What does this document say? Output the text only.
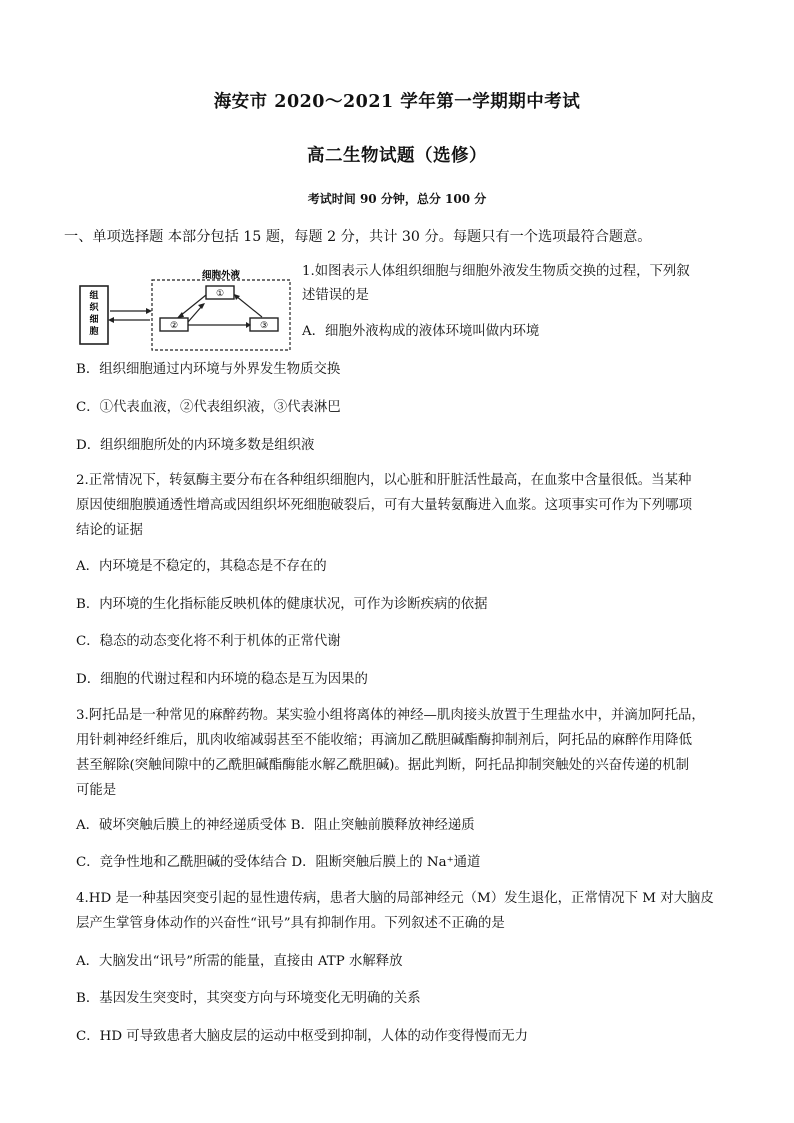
海安市 2020～2021 学年第一学期期中考试
高二生物试题（选修）
考试时间 90 分钟，总分 100 分
一、单项选择题 本部分包括 15 题，每题 2 分，共计 30 分。每题只有一个选项最符合题意。
组
织
细
胞
细胞外液
①
②	③
1.如图表示人体组织细胞与细胞外液发生物质交换的过程，下列叙
述错误的是
A．细胞外液构成的液体环境叫做内环境
B．组织细胞通过内环境与外界发生物质交换
C．①代表血液，②代表组织液，③代表淋巴
D．组织细胞所处的内环境多数是组织液
2.正常情况下，转氨酶主要分布在各种组织细胞内，以心脏和肝脏活性最高，在血浆中含量很低。当某种
原因使细胞膜通透性增高或因组织坏死细胞破裂后，可有大量转氨酶进入血浆。这项事实可作为下列哪项
结论的证据
A．内环境是不稳定的，其稳态是不存在的
B．内环境的生化指标能反映机体的健康状况，可作为诊断疾病的依据
C．稳态的动态变化将不利于机体的正常代谢
D．细胞的代谢过程和内环境的稳态是互为因果的
3.阿托品是一种常见的麻醉药物。某实验小组将离体的神经—肌肉接头放置于生理盐水中，并滴加阿托品，
用针刺神经纤维后，肌肉收缩减弱甚至不能收缩；再滴加乙酰胆碱酯酶抑制剂后，阿托品的麻醉作用降低
甚至解除(突触间隙中的乙酰胆碱酯酶能水解乙酰胆碱)。据此判断，阿托品抑制突触处的兴奋传递的机制
可能是
A．破坏突触后膜上的神经递质受体 B．阻止突触前膜释放神经递质
C．竞争性地和乙酰胆碱的受体结合 D．阻断突触后膜上的 Na⁺通道
4.HD 是一种基因突变引起的显性遗传病，患者大脑的局部神经元（M）发生退化，正常情况下 M 对大脑皮
层产生掌管身体动作的兴奋性“讯号”具有抑制作用。下列叙述不正确的是
A．大脑发出“讯号”所需的能量，直接由 ATP 水解释放
B．基因发生突变时，其突变方向与环境变化无明确的关系
C．HD 可导致患者大脑皮层的运动中枢受到抑制，人体的动作变得慢而无力
